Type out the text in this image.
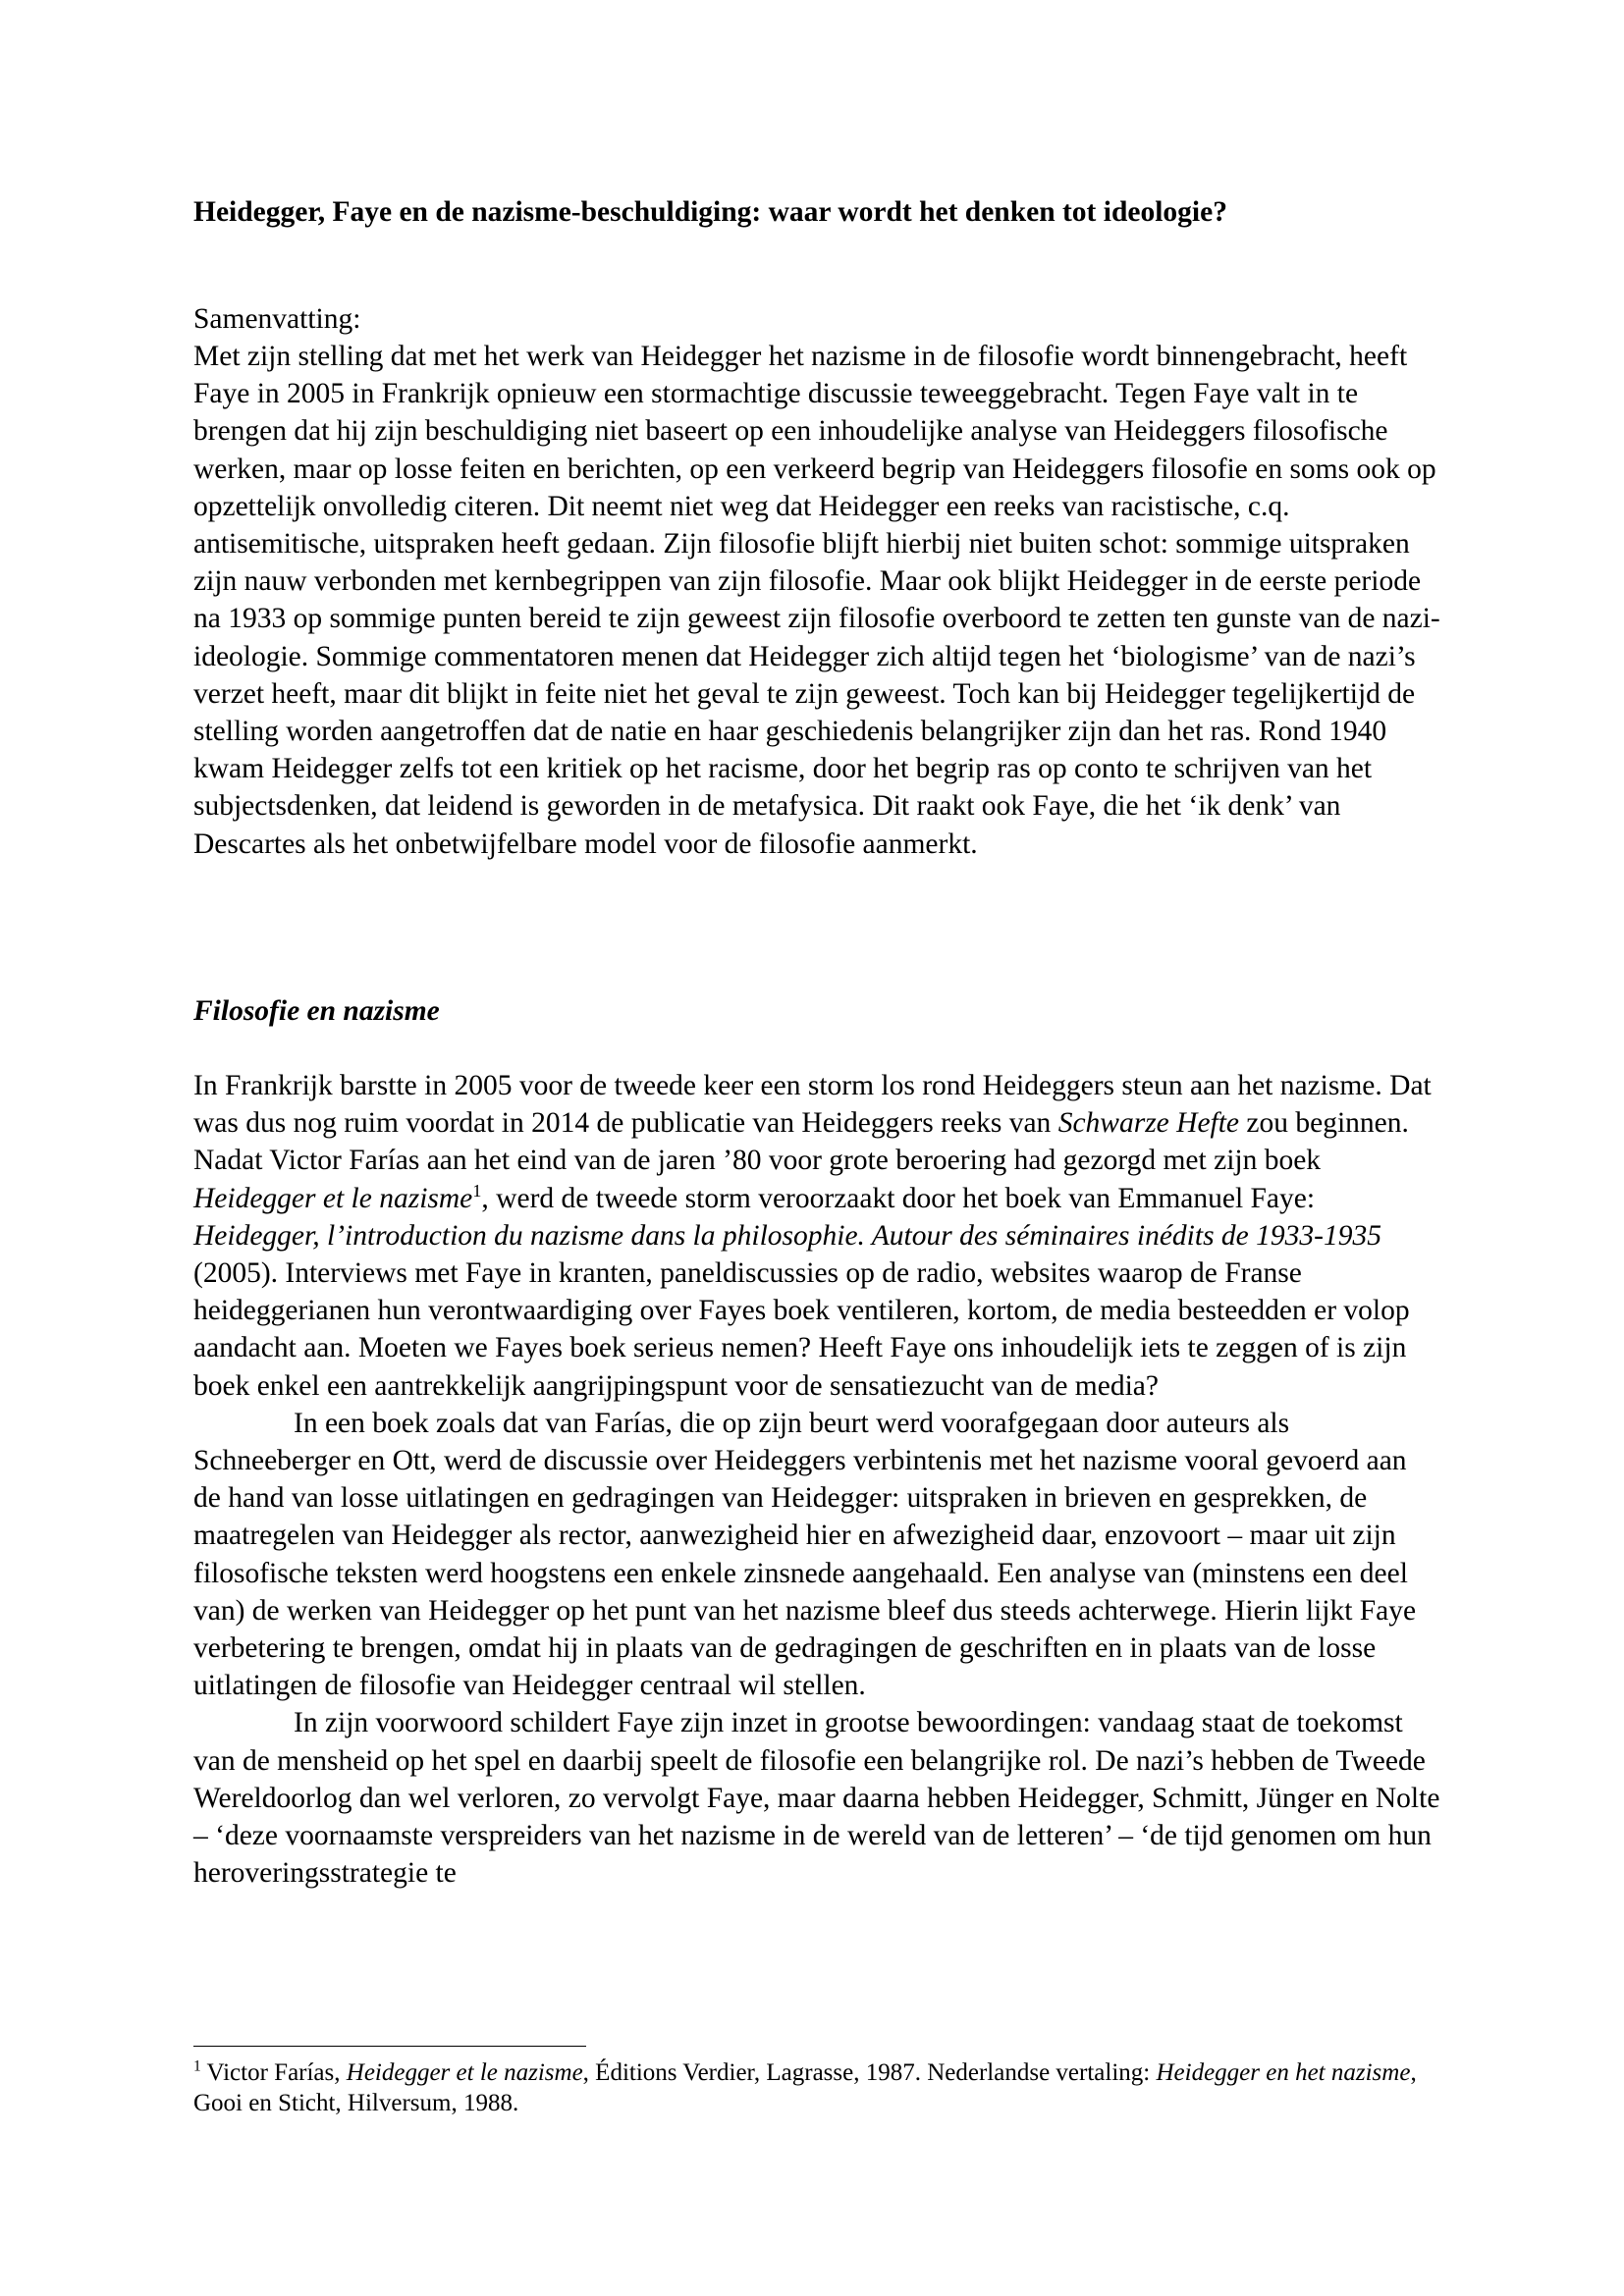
Heidegger, Faye en de nazisme-beschuldiging: waar wordt het denken tot ideologie?

Samenvatting:

Met zijn stelling dat met het werk van Heidegger het nazisme in de filosofie wordt binnengebracht, heeft Faye in 2005 in Frankrijk opnieuw een stormachtige discussie teweeggebracht. Tegen Faye valt in te brengen dat hij zijn beschuldiging niet baseert op een inhoudelijke analyse van Heideggers filosofische werken, maar op losse feiten en berichten, op een verkeerd begrip van Heideggers filosofie en soms ook op opzettelijk onvolledig citeren. Dit neemt niet weg dat Heidegger een reeks van racistische, c.q. antisemitische, uitspraken heeft gedaan. Zijn filosofie blijft hierbij niet buiten schot: sommige uitspraken zijn nauw verbonden met kernbegrippen van zijn filosofie. Maar ook blijkt Heidegger in de eerste periode na 1933 op sommige punten bereid te zijn geweest zijn filosofie overboord te zetten ten gunste van de nazi-ideologie. Sommige commentatoren menen dat Heidegger zich altijd tegen het ‘biologisme’ van de nazi’s verzet heeft, maar dit blijkt in feite niet het geval te zijn geweest. Toch kan bij Heidegger tegelijkertijd de stelling worden aangetroffen dat de natie en haar geschiedenis belangrijker zijn dan het ras. Rond 1940 kwam Heidegger zelfs tot een kritiek op het racisme, door het begrip ras op conto te schrijven van het subjectsdenken, dat leidend is geworden in de metafysica. Dit raakt ook Faye, die het ‘ik denk’ van Descartes als het onbetwijfelbare model voor de filosofie aanmerkt.

Filosofie en nazisme

In Frankrijk barstte in 2005 voor de tweede keer een storm los rond Heideggers steun aan het nazisme. Dat was dus nog ruim voordat in 2014 de publicatie van Heideggers reeks van Schwarze Hefte zou beginnen. Nadat Victor Farías aan het eind van de jaren ’80 voor grote beroering had gezorgd met zijn boek Heidegger et le nazisme$^1$, werd de tweede storm veroorzaakt door het boek van Emmanuel Faye: Heidegger, l’introduction du nazisme dans la philosophie. Autour des séminaires inédits de 1933-1935 (2005). Interviews met Faye in kranten, paneldiscussies op de radio, websites waarop de Franse heideggerianen hun verontwaardiging over Fayes boek ventileren, kortom, de media besteedden er volop aandacht aan. Moeten we Fayes boek serieus nemen? Heeft Faye ons inhoudelijk iets te zeggen of is zijn boek enkel een aantrekkelijk aangrijpingspunt voor de sensatiezucht van de media?

In een boek zoals dat van Farías, die op zijn beurt werd voorafgegaan door auteurs als Schneeberger en Ott, werd de discussie over Heideggers verbintenis met het nazisme vooral gevoerd aan de hand van losse uitlatingen en gedragingen van Heidegger: uitspraken in brieven en gesprekken, de maatregelen van Heidegger als rector, aanwezigheid hier en afwezigheid daar, enzovoort – maar uit zijn filosofische teksten werd hoogstens een enkele zinsnede aangehaald. Een analyse van (minstens een deel van) de werken van Heidegger op het punt van het nazisme bleef dus steeds achterwege. Hierin lijkt Faye verbetering te brengen, omdat hij in plaats van de gedragingen de geschriften en in plaats van de losse uitlatingen de filosofie van Heidegger centraal wil stellen.

In zijn voorwoord schildert Faye zijn inzet in grootse bewoordingen: vandaag staat de toekomst van de mensheid op het spel en daarbij speelt de filosofie een belangrijke rol. De nazi’s hebben de Tweede Wereldoorlog dan wel verloren, zo vervolgt Faye, maar daarna hebben Heidegger, Schmitt, Jünger en Nolte – ‘deze voornaamste verspreiders van het nazisme in de wereld van de letteren’ – ‘de tijd genomen om hun heroveringsstrategie te

$^1$ Victor Farías, Heidegger et le nazisme, Éditions Verdier, Lagrasse, 1987. Nederlandse vertaling: Heidegger en het nazisme, Gooi en Sticht, Hilversum, 1988.
